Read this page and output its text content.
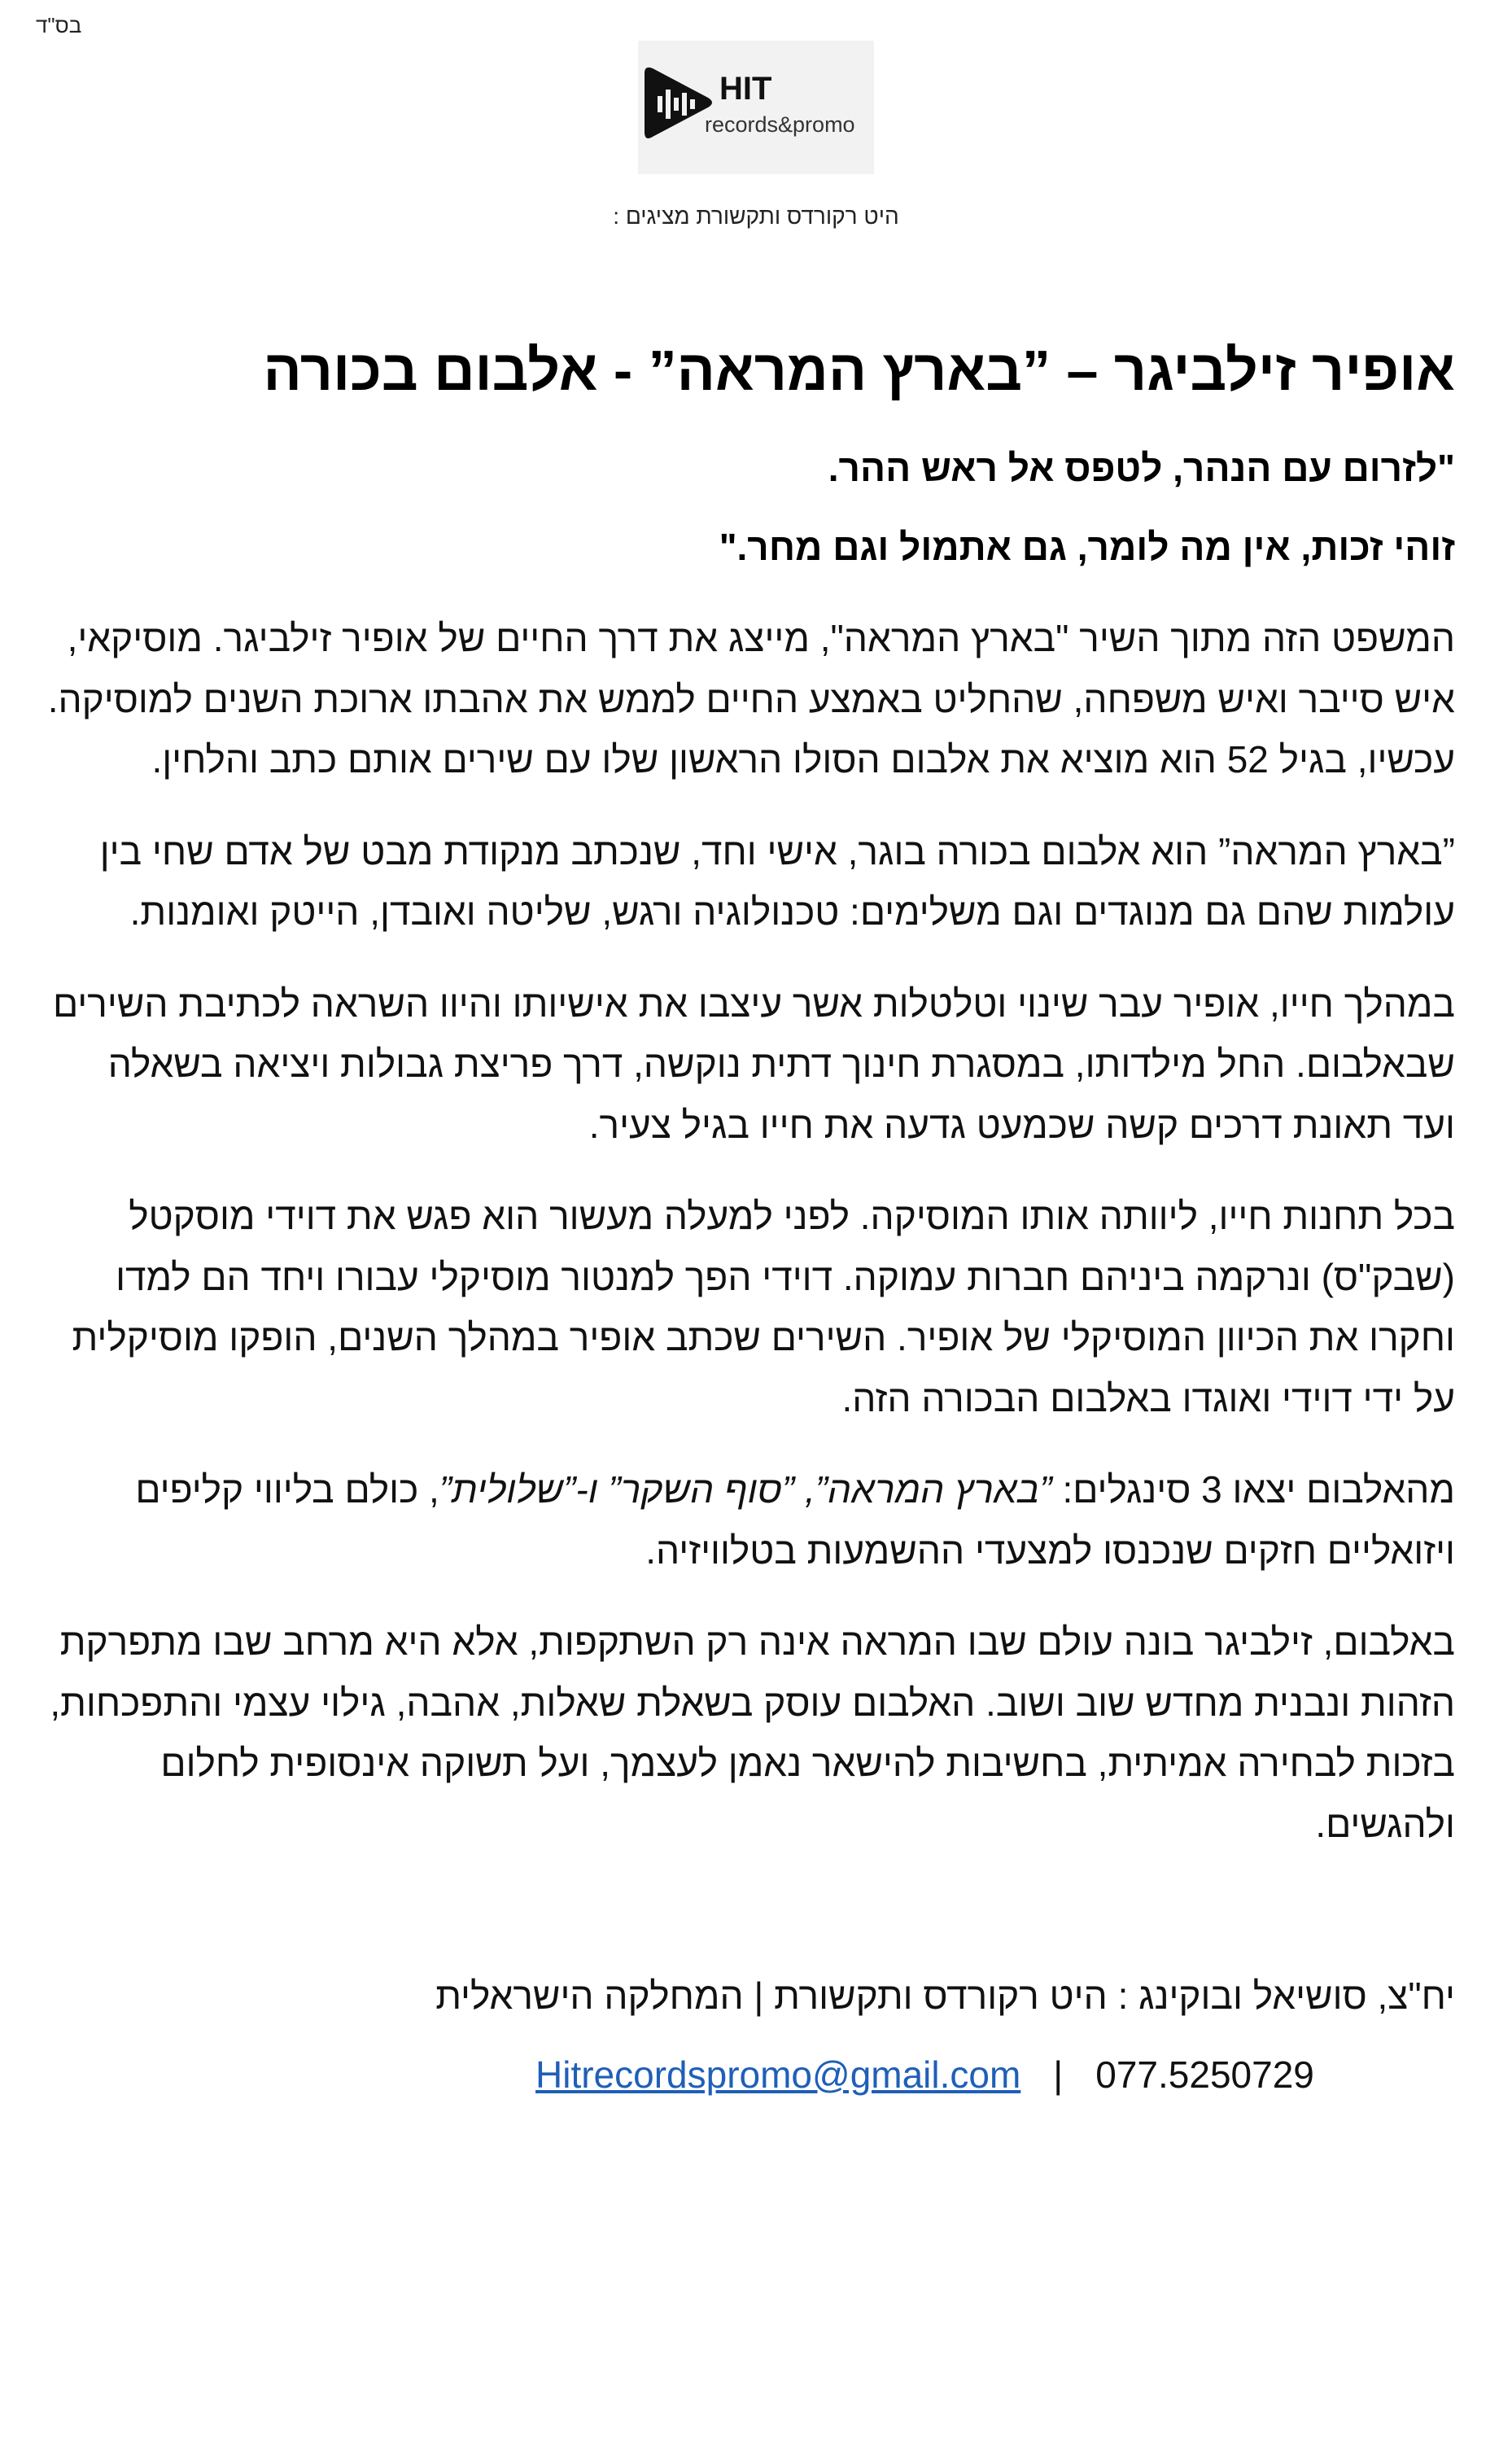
בס"ד
HIT
records&promo
היט רקורדס ותקשורת מציגים :
אופיר זילביגר – ”בארץ המראה” - אלבום בכורה

"לזרום עם הנהר, לטפס אל ראש ההר.

זוהי זכות, אין מה לומר, גם אתמול וגם מחר."

המשפט הזה מתוך השיר "בארץ המראה", מייצג את דרך החיים של אופיר זילביגר. מוסיקאי, איש סייבר ואיש משפחה, שהחליט באמצע החיים לממש את אהבתו ארוכת השנים למוסיקה. עכשיו, בגיל 52 הוא מוציא את אלבום הסולו הראשון שלו עם שירים אותם כתב והלחין.

”בארץ המראה” הוא אלבום בכורה בוגר, אישי וחד, שנכתב מנקודת מבט של אדם שחי בין עולמות שהם גם מנוגדים וגם משלימים: טכנולוגיה ורגש, שליטה ואובדן, הייטק ואומנות.

במהלך חייו, אופיר עבר שינוי וטלטלות אשר עיצבו את אישיותו והיוו השראה לכתיבת השירים שבאלבום. החל מילדותו, במסגרת חינוך דתית נוקשה, דרך פריצת גבולות ויציאה בשאלה ועד תאונת דרכים קשה שכמעט גדעה את חייו בגיל צעיר.

בכל תחנות חייו, ליוותה אותו המוסיקה. לפני למעלה מעשור הוא פגש את דוידי מוסקטל (שבק"ס) ונרקמה ביניהם חברות עמוקה. דוידי הפך למנטור מוסיקלי עבורו ויחד הם למדו וחקרו את הכיוון המוסיקלי של אופיר. השירים שכתב אופיר במהלך השנים, הופקו מוסיקלית על ידי דוידי ואוגדו באלבום הבכורה הזה.

מהאלבום יצאו 3 סינגלים: ”בארץ המראה”, ”סוף השקר” ו-”שלולית”, כולם בליווי קליפים ויזואליים חזקים שנכנסו למצעדי ההשמעות בטלוויזיה.

באלבום, זילביגר בונה עולם שבו המראה אינה רק השתקפות, אלא היא מרחב שבו מתפרקת הזהות ונבנית מחדש שוב ושוב. האלבום עוסק בשאלת שאלות, אהבה, גילוי עצמי והתפכחות, בזכות לבחירה אמיתית, בחשיבות להישאר נאמן לעצמך, ועל תשוקה אינסופית לחלום ולהגשים.

יח"צ, סושיאל ובוקינג : היט רקורדס ותקשורת | המחלקה הישראלית

Hitrecordspromo@gmail.com | 077.5250729
